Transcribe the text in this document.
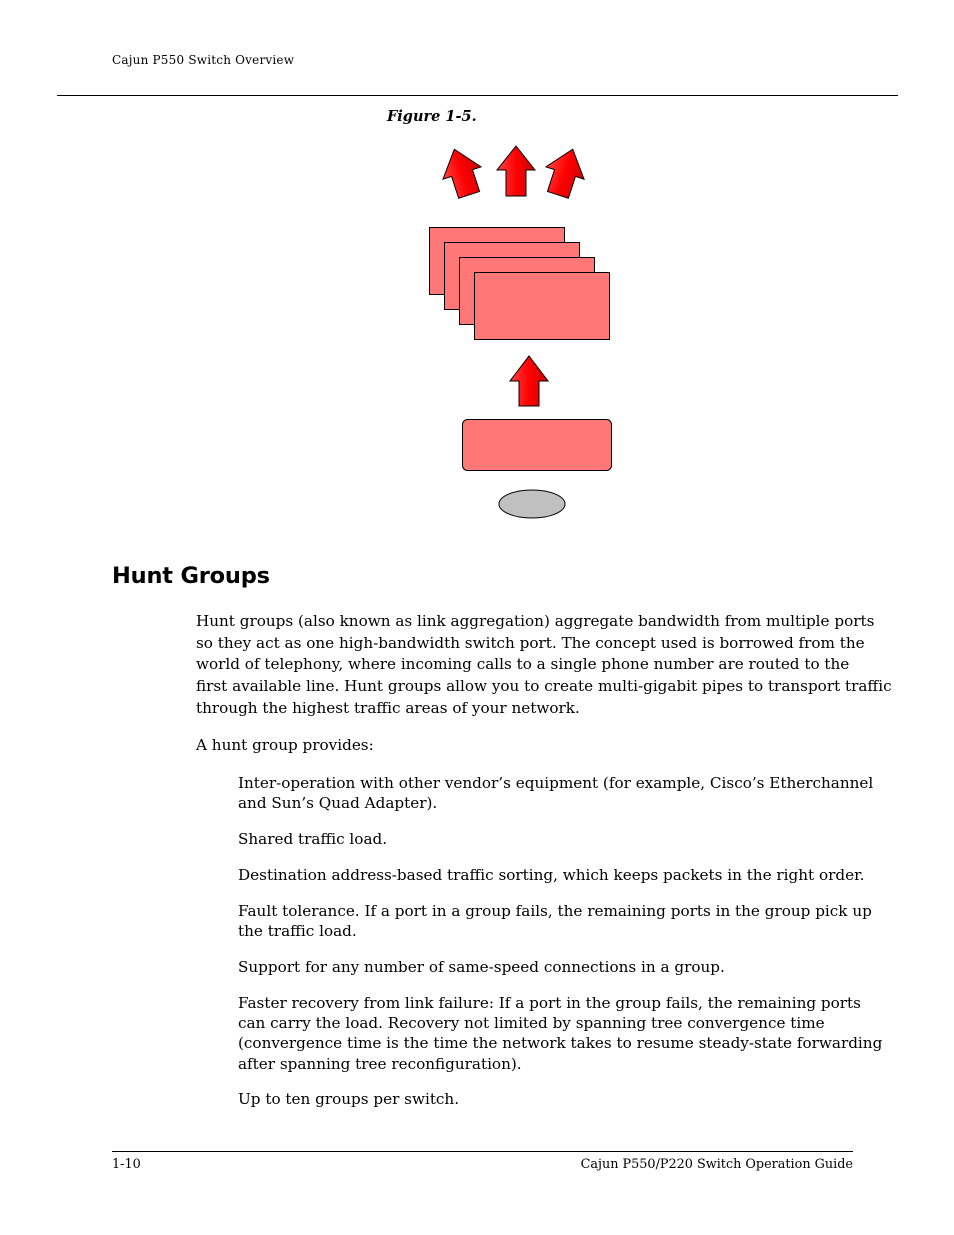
Cajun P550 Switch Overview
Figure 1-5.
Hunt Groups
Hunt groups (also known as link aggregation) aggregate bandwidth from multiple ports
so they act as one high-bandwidth switch port. The concept used is borrowed from the
world of telephony, where incoming calls to a single phone number are routed to the
first available line. Hunt groups allow you to create multi-gigabit pipes to transport traffic
through the highest traffic areas of your network.
A hunt group provides:
Inter-operation with other vendor’s equipment (for example, Cisco’s Etherchannel
and Sun’s Quad Adapter).
Shared traffic load.
Destination address-based traffic sorting, which keeps packets in the right order.
Fault tolerance. If a port in a group fails, the remaining ports in the group pick up
the traffic load.
Support for any number of same-speed connections in a group.
Faster recovery from link failure: If a port in the group fails, the remaining ports
can carry the load. Recovery not limited by spanning tree convergence time
(convergence time is the time the network takes to resume steady-state forwarding
after spanning tree reconfiguration).
Up to ten groups per switch.
1-10	Cajun P550/P220 Switch Operation Guide
